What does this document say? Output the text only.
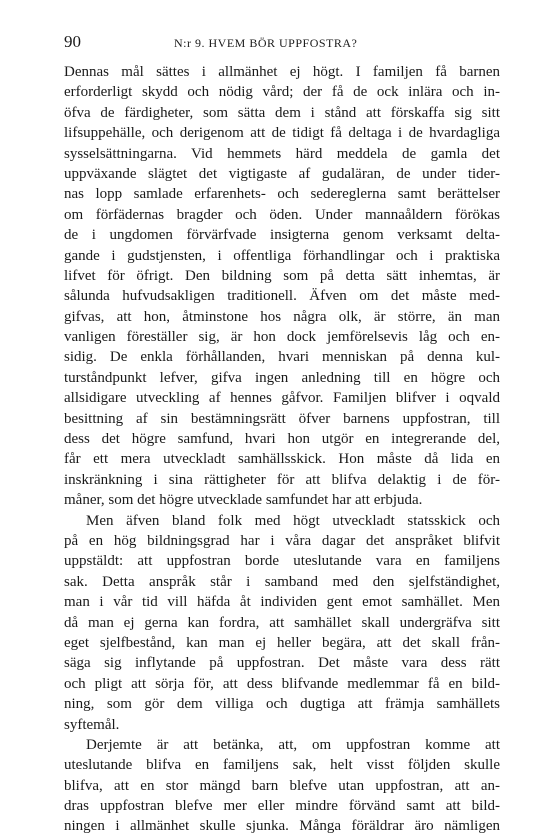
90	N:r 9. HVEM BÖR UPPFOSTRA?
Dennas mål sättes i allmänhet ej högt. I familjen få barnen
erforderligt skydd och nödig vård; der få de ock inlära och in-
öfva de färdigheter, som sätta dem i stånd att förskaffa sig sitt
lifsuppehälle, och derigenom att de tidigt få deltaga i de hvardagliga
sysselsättningarna. Vid hemmets härd meddela de gamla det
uppväxande slägtet det vigtigaste af gudaläran, de under tider-
nas lopp samlade erfarenhets- och sedereglerna samt berättelser
om förfädernas bragder och öden. Under mannaåldern förökas
de i ungdomen förvärfvade insigterna genom verksamt delta-
gande i gudstjensten, i offentliga förhandlingar och i praktiska
lifvet för öfrigt. Den bildning som på detta sätt inhemtas, är
sålunda hufvudsakligen traditionell. Äfven om det måste med-
gifvas, att hon, åtminstone hos några olk, är större, än man
vanligen föreställer sig, är hon dock jemförelsevis låg och en-
sidig. De enkla förhållanden, hvari menniskan på denna kul-
turståndpunkt lefver, gifva ingen anledning till en högre och
allsidigare utveckling af hennes gåfvor. Familjen blifver i oqvald
besittning af sin bestämningsrätt öfver barnens uppfostran, till
dess det högre samfund, hvari hon utgör en integrerande del,
får ett mera utveckladt samhällsskick. Hon måste då lida en
inskränkning i sina rättigheter för att blifva delaktig i de för-
måner, som det högre utvecklade samfundet har att erbjuda.
Men äfven bland folk med högt utveckladt statsskick och
på en hög bildningsgrad har i våra dagar det anspråket blifvit
uppstäldt: att uppfostran borde uteslutande vara en familjens
sak. Detta anspråk står i samband med den sjelfständighet,
man i vår tid vill häfda åt individen gent emot samhället. Men
då man ej gerna kan fordra, att samhället skall undergräfva sitt
eget sjelfbestånd, kan man ej heller begära, att det skall från-
säga sig inflytande på uppfostran. Det måste vara dess rätt
och pligt att sörja för, att dess blifvande medlemmar få en bild-
ning, som gör dem villiga och dugtiga att främja samhällets
syftemål.
Derjemte är att betänka, att, om uppfostran komme att
uteslutande blifva en familjens sak, helt visst följden skulle
blifva, att en stor mängd barn blefve utan uppfostran, att an-
dras uppfostran blefve mer eller mindre förvänd samt att bild-
ningen i allmänhet skulle sjunka. Många föräldrar äro nämligen
